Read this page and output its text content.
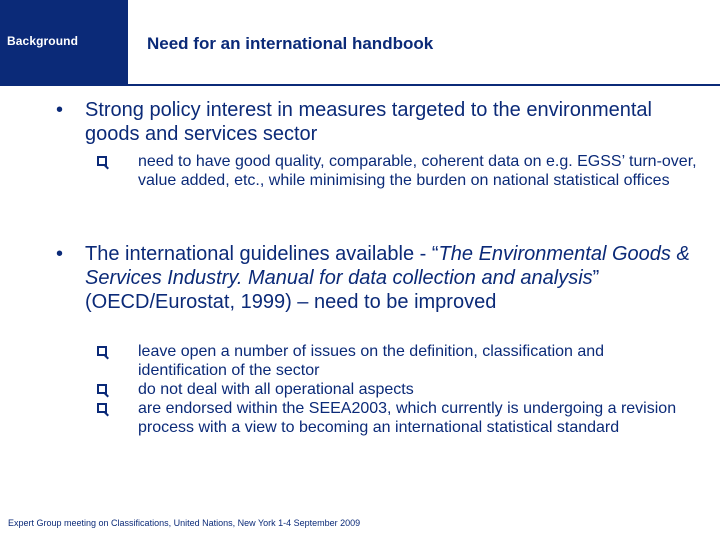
Background	Need for an international handbook
• Strong policy interest in measures targeted to the environmental goods and services sector

need to have good quality, comparable, coherent data on e.g. EGSS’ turn-over, value added, etc., while minimising the burden on national statistical offices
• The international guidelines available - “The Environmental Goods & Services Industry. Manual for data collection and analysis” (OECD/Eurostat, 1999) – need to be improved

leave open a number of issues on the definition, classification and identification of the sector
do not deal with all operational aspects
are endorsed within the SEEA2003, which currently is undergoing a revision process with a view to becoming an international statistical standard
Expert Group meeting on Classifications, United Nations, New York 1-4 September 2009
